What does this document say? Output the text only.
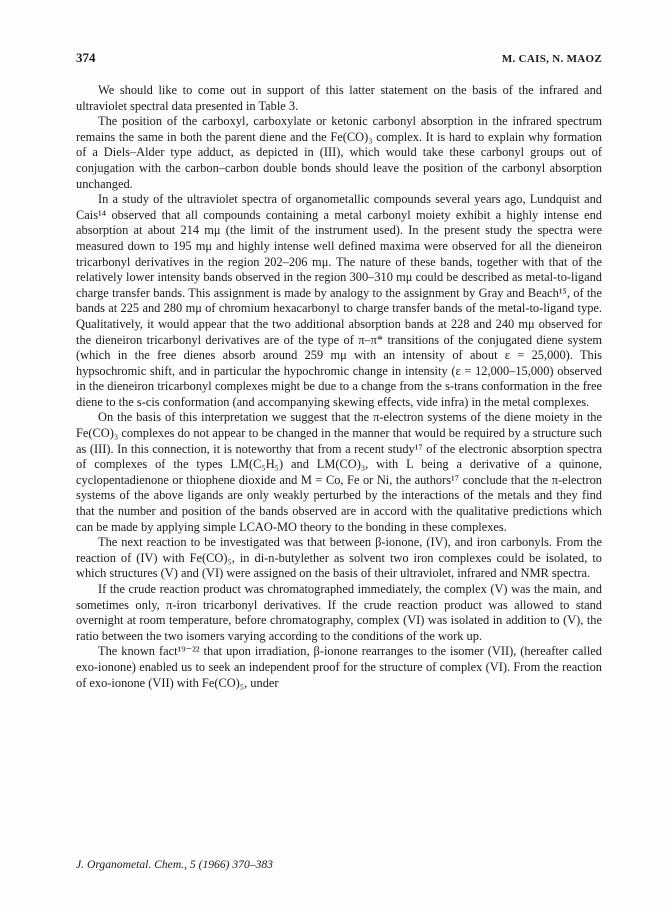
374	M. CAIS, N. MAOZ

We should like to come out in support of this latter statement on the basis of the infrared and ultraviolet spectral data presented in Table 3.

The position of the carboxyl, carboxylate or ketonic carbonyl absorption in the infrared spectrum remains the same in both the parent diene and the Fe(CO)₃ complex. It is hard to explain why formation of a Diels–Alder type adduct, as depicted in (III), which would take these carbonyl groups out of conjugation with the carbon–carbon double bonds should leave the position of the carbonyl absorption unchanged.

In a study of the ultraviolet spectra of organometallic compounds several years ago, Lundquist and Cais¹⁴ observed that all compounds containing a metal carbonyl moiety exhibit a highly intense end absorption at about 214 mμ (the limit of the instrument used). In the present study the spectra were measured down to 195 mμ and highly intense well defined maxima were observed for all the dieneiron tricarbonyl derivatives in the region 202–206 mμ. The nature of these bands, together with that of the relatively lower intensity bands observed in the region 300–310 mμ could be described as metal-to-ligand charge transfer bands. This assignment is made by analogy to the assignment by Gray and Beach¹⁵, of the bands at 225 and 280 mμ of chromium hexacarbonyl to charge transfer bands of the metal-to-ligand type. Qualitatively, it would appear that the two additional absorption bands at 228 and 240 mμ observed for the dieneiron tricarbonyl derivatives are of the type of π–π* transitions of the conjugated diene system (which in the free dienes absorb around 259 mμ with an intensity of about ε = 25,000). This hypsochromic shift, and in particular the hypochromic change in intensity (ε = 12,000–15,000) observed in the dieneiron tricarbonyl complexes might be due to a change from the s-trans conformation in the free diene to the s-cis conformation (and accompanying skewing effects, vide infra) in the metal complexes.

On the basis of this interpretation we suggest that the π-electron systems of the diene moiety in the Fe(CO)₃ complexes do not appear to be changed in the manner that would be required by a structure such as (III). In this connection, it is noteworthy that from a recent study¹⁷ of the electronic absorption spectra of complexes of the types LM(C₅H₅) and LM(CO)₃, with L being a derivative of a quinone, cyclopentadienone or thiophene dioxide and M = Co, Fe or Ni, the authors¹⁷ conclude that the π-electron systems of the above ligands are only weakly perturbed by the interactions of the metals and they find that the number and position of the bands observed are in accord with the qualitative predictions which can be made by applying simple LCAO-MO theory to the bonding in these complexes.

The next reaction to be investigated was that between β-ionone, (IV), and iron carbonyls. From the reaction of (IV) with Fe(CO)₅, in di-n-butylether as solvent two iron complexes could be isolated, to which structures (V) and (VI) were assigned on the basis of their ultraviolet, infrared and NMR spectra.

If the crude reaction product was chromatographed immediately, the complex (V) was the main, and sometimes only, π-iron tricarbonyl derivatives. If the crude reaction product was allowed to stand overnight at room temperature, before chromatography, complex (VI) was isolated in addition to (V), the ratio between the two isomers varying according to the conditions of the work up.

The known fact¹⁹⁻²² that upon irradiation, β-ionone rearranges to the isomer (VII), (hereafter called exo-ionone) enabled us to seek an independent proof for the structure of complex (VI). From the reaction of exo-ionone (VII) with Fe(CO)₅, under

J. Organometal. Chem., 5 (1966) 370–383
